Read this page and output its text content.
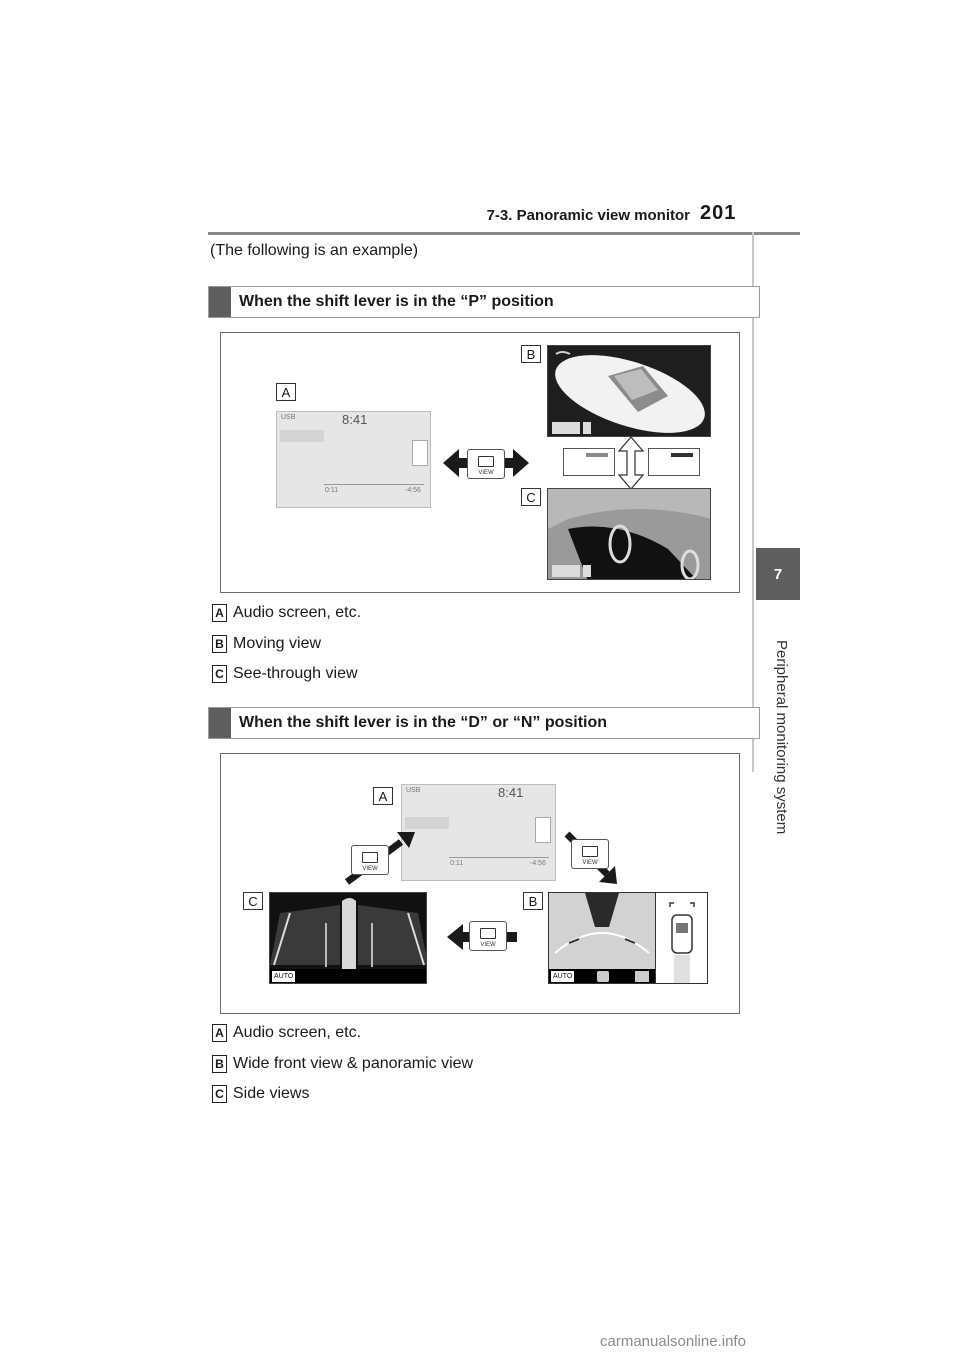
7-3. Panoramic view monitor 201
7
Peripheral monitoring system
(The following is an example)
When the shift lever is in the “P” position
A
USB	8:41
0:11	-4:56
VIEW
B
C
A Audio screen, etc.
B Moving view
C See-through view
When the shift lever is in the “D” or “N” position
A	USB	8:41
0:11	-4:56
VIEW
VIEW
C
AUTO
VIEW
B
AUTO
A Audio screen, etc.
B Wide front view & panoramic view
C Side views
carmanualsonline.info
